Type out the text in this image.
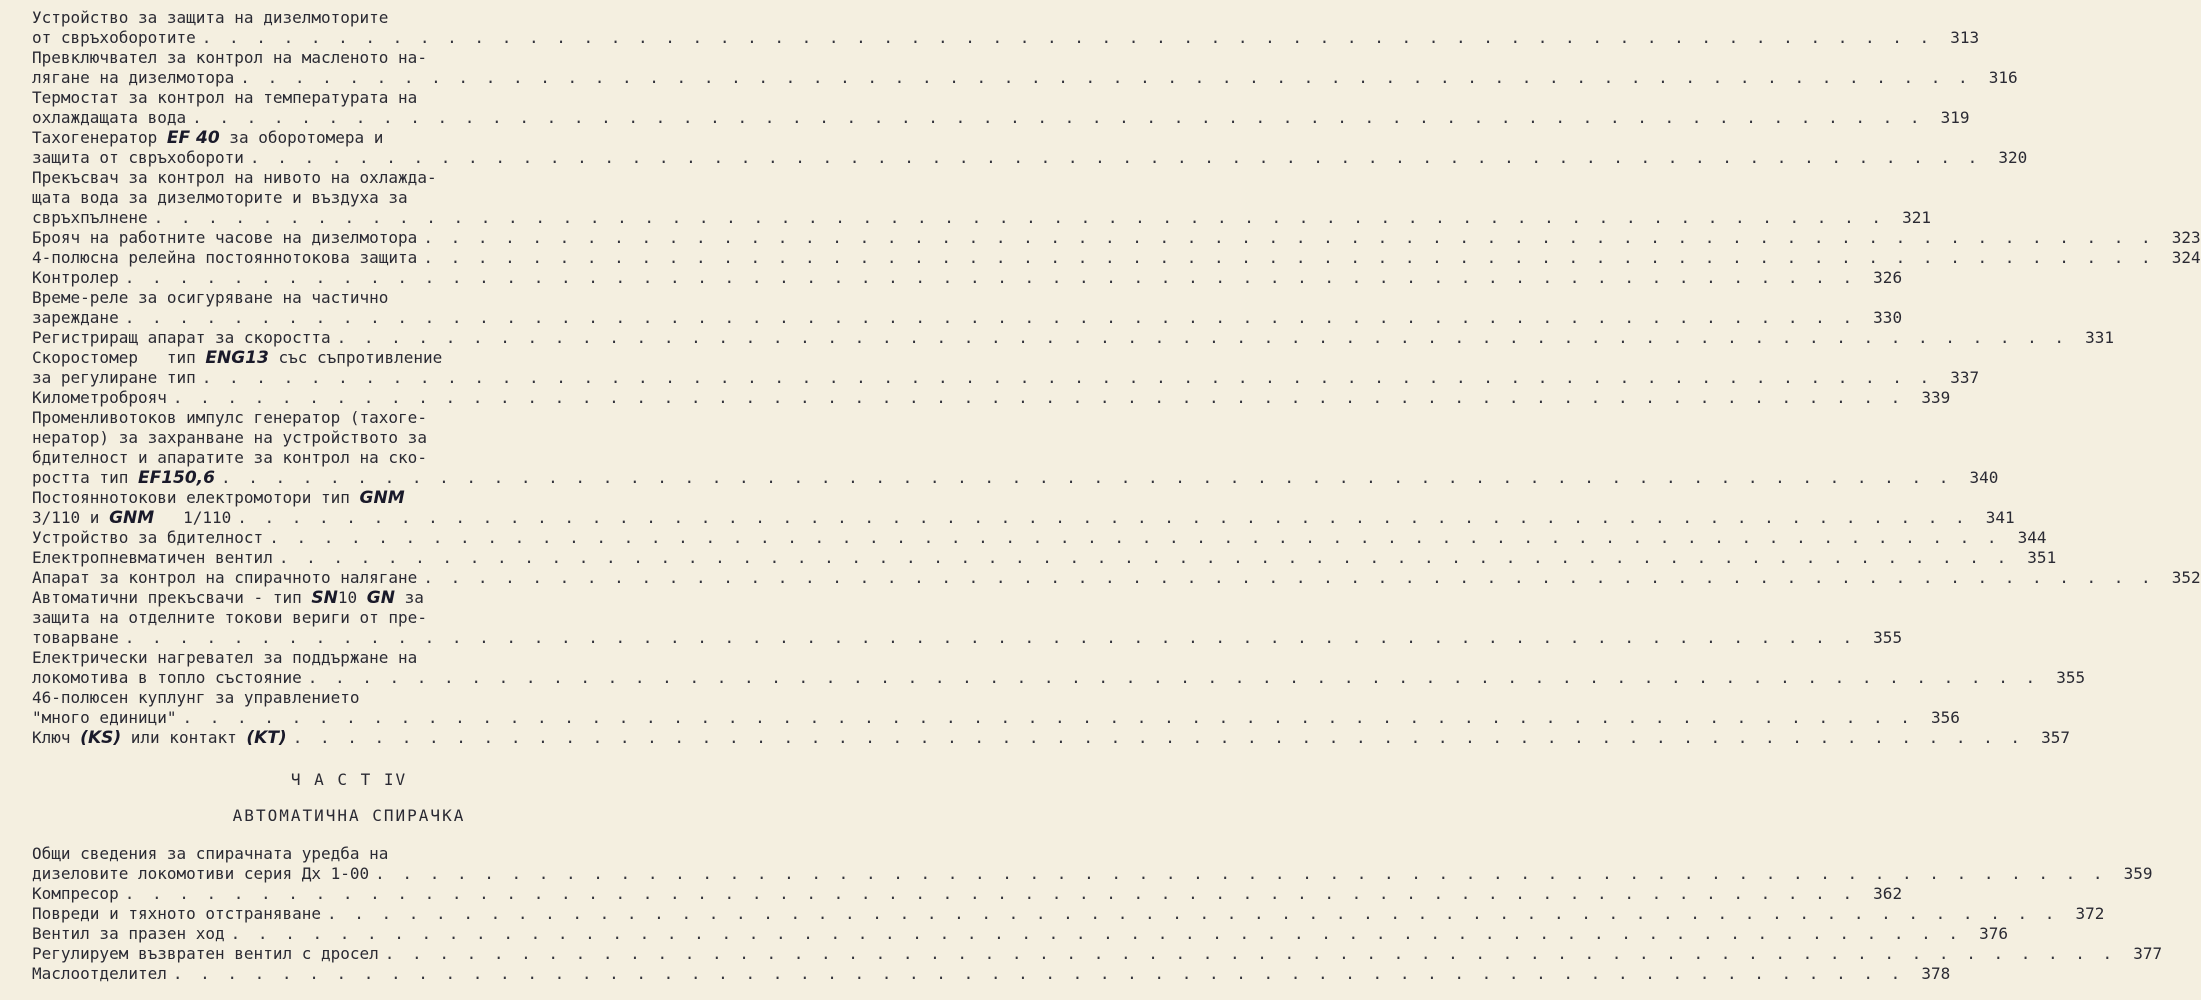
Устройство за защита на дизелмоторите
от свръхоборотите . . .	313
Превключвател за контрол на масленото на-
лягане на дизелмотора . . .	316
Термостат за контрол на температурата на
охлаждащата вода . . .	319
Тахогенератор EF 40 за оборотомера и
защита от свръхобороти . . .	320
Прекъсвач за контрол на нивото на охлажда-
щата вода за дизелмоторите и въздуха за
свръхпълнене . . .	321
Брояч на работните часове на дизелмотора . . .	323
4-полюсна релейна постояннотокова защита . . .	324
Контролер . . .	326
Време-реле за осигуряване на частично
зареждане . . .	330
Регистриращ апарат за скоростта . . .	331
Скоростомер   тип ENG13 със съпротивление
за регулиране тип . . .	337
Километроброяч . . .	339
Променливотоков импулс генератор (тахоге-
нератор) за захранване на устройството за
бдителност и апаратите за контрол на ско-
ростта тип EF150,6 . . .	340
Постояннотокови електромотори тип GNM
3/110 и GNM   1/110 . . .	341
Устройство за бдителност . . .	344
Електропневматичен вентил . . .	351
Апарат за контрол на спирачното налягане . . .	352
Автоматични прекъсвачи - тип SN10 GN за
защита на отделните токови вериги от пре-
товарване . . .	355
Електрически нагревател за поддържане на
локомотива в топло състояние . . .	355
46-полюсен куплунг за управлението
"много единици" . . .	356
Ключ (KS) или контакт (KT) . . .	357
Ч А С Т IV
АВТОМАТИЧНА СПИРАЧКА
Общи сведения за спирачната уредба на
дизеловите локомотиви серия Дх 1-00 . . .	359
Компресор . . .	362
Повреди и тяхното отстраняване . . .	372
Вентил за празен ход . . .	376
Регулируем възвратен вентил с дросел . . .	377
Маслоотделител . . .	378
